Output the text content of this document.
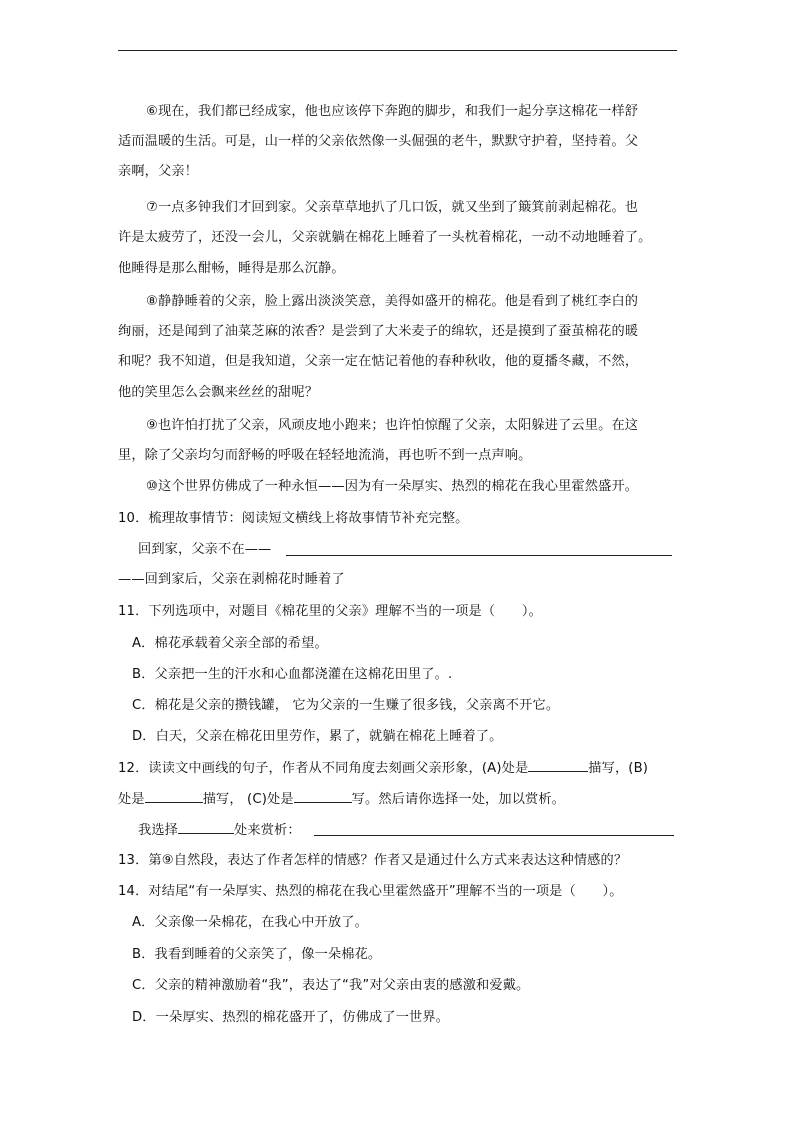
⑥现在，我们都已经成家，他也应该停下奔跑的脚步，和我们一起分享这棉花一样舒
适而温暖的生活。可是，山一样的父亲依然像一头倔强的老牛，默默守护着，坚持着。父
亲啊，父亲！
⑦一点多钟我们才回到家。父亲草草地扒了几口饭，就又坐到了簸箕前剥起棉花。也
许是太疲劳了，还没一会儿，父亲就躺在棉花上睡着了一头枕着棉花，一动不动地睡着了。
他睡得是那么酣畅，睡得是那么沉静。
⑧静静睡着的父亲，脸上露出淡淡笑意，美得如盛开的棉花。他是看到了桃红李白的
绚丽，还是闻到了油菜芝麻的浓香？是尝到了大米麦子的绵软，还是摸到了蚕茧棉花的暖
和呢？我不知道，但是我知道，父亲一定在惦记着他的春种秋收，他的夏播冬藏，不然，
他的笑里怎么会飘来丝丝的甜呢？
⑨也许怕打扰了父亲，风顽皮地小跑来；也许怕惊醒了父亲，太阳躲进了云里。在这
里，除了父亲均匀而舒畅的呼吸在轻轻地流淌，再也听不到一点声响。
⑩这个世界仿佛成了一种永恒——因为有一朵厚实、热烈的棉花在我心里霍然盛开。
10．梳理故事情节：阅读短文横线上将故事情节补充完整。
回到家，父亲不在——
——回到家后，父亲在剥棉花时睡着了
11．下列选项中，对题目《棉花里的父亲》理解不当的一项是（　　）。
A．棉花承载着父亲全部的希望。
B．父亲把一生的汗水和心血都浇灌在这棉花田里了。.
C．棉花是父亲的攒钱罐， 它为父亲的一生赚了很多钱，父亲离不开它。
D．白天，父亲在棉花田里劳作，累了，就躺在棉花上睡着了。
12．读读文中画线的句子，作者从不同角度去刻画父亲形象，(A)处是	描写，(B)
处是	描写， (C)处是	写。然后请你选择一处，加以赏析。
我选择	处来赏析：
13．第⑨自然段，表达了作者怎样的情感？作者又是通过什么方式来表达这种情感的？
14．对结尾“有一朵厚实、热烈的棉花在我心里霍然盛开”理解不当的一项是（　　）。
A．父亲像一朵棉花，在我心中开放了。
B．我看到睡着的父亲笑了，像一朵棉花。
C．父亲的精神激励着“我”，表达了“我”对父亲由衷的感激和爱戴。
D．一朵厚实、热烈的棉花盛开了，仿佛成了一世界。
